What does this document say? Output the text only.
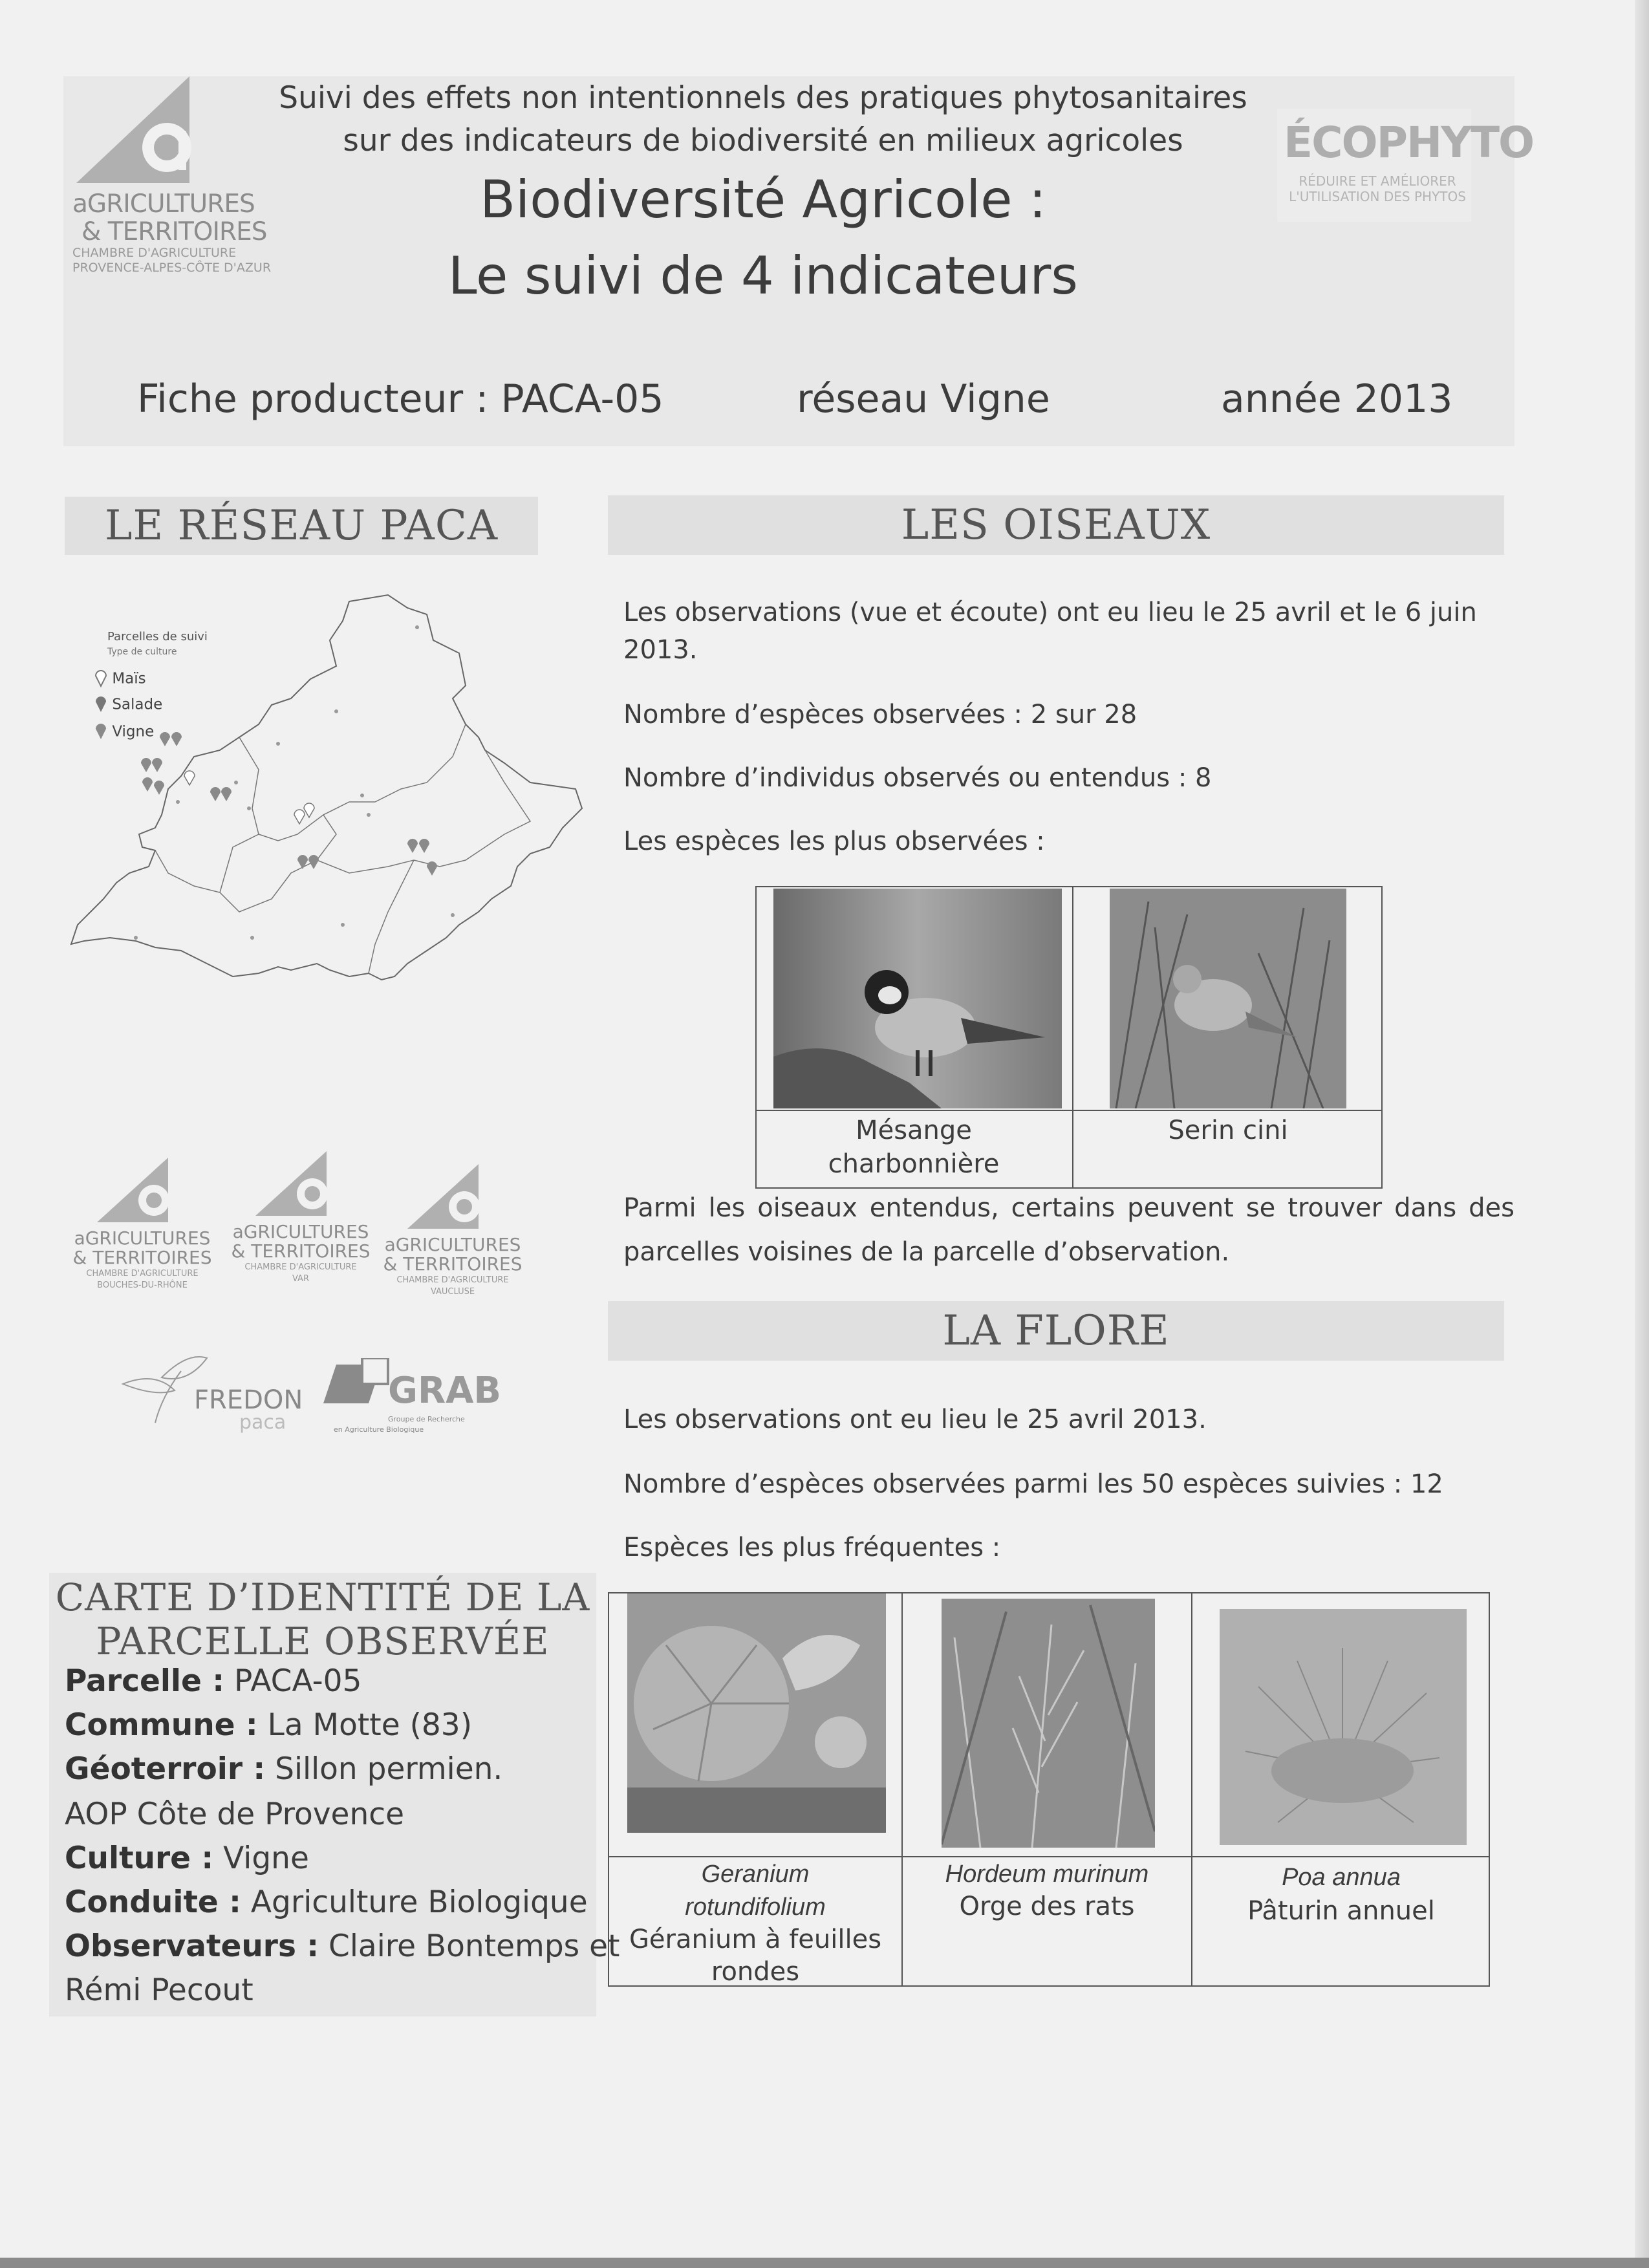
aGRICULTURES
& TERRITOIRES
CHAMBRE D'AGRICULTURE
PROVENCE-ALPES-CÔTE D'AZUR
Suivi des effets non intentionnels des pratiques phytosanitaires
sur des indicateurs de biodiversité en milieux agricoles
Biodiversité Agricole :
Le suivi de 4 indicateurs
ÉCOPHYTO
RÉDUIRE ET AMÉLIORER
L'UTILISATION DES PHYTOS
Fiche producteur : PACA-05	réseau Vigne	année 2013
LE RÉSEAU PACA
Parcelles de suivi
Type de culture
Maïs
Salade
Vigne
aGRICULTURES
& TERRITOIRES
CHAMBRE D'AGRICULTURE
BOUCHES-DU-RHÔNE
aGRICULTURES
& TERRITOIRES
CHAMBRE D'AGRICULTURE
VAR
aGRICULTURES
& TERRITOIRES
CHAMBRE D'AGRICULTURE
VAUCLUSE
FREDON
paca
GRAB
Groupe de Recherche
en Agriculture Biologique
LES OISEAUX
Les observations (vue et écoute) ont eu lieu le 25 avril et le 6 juin
2013.
Nombre d’espèces observées : 2 sur 28
Nombre d’individus observés ou entendus : 8
Les espèces les plus observées :
Mésange
charbonnière
Serin cini
Parmi les oiseaux entendus, certains peuvent se trouver dans des parcelles voisines de la parcelle d’observation.
LA FLORE
Les observations ont eu lieu le 25 avril 2013.
Nombre d’espèces observées parmi les 50 espèces suivies : 12
Espèces les plus fréquentes :
Geranium
rotundifolium
Géranium à feuilles
rondes
Hordeum murinum
Orge des rats
Poa annua
Pâturin annuel
CARTE D’IDENTITÉ DE LA
PARCELLE OBSERVÉE
Parcelle : PACA-05
Commune : La Motte (83)
Géoterroir : Sillon permien.
AOP Côte de Provence
Culture : Vigne
Conduite : Agriculture Biologique
Observateurs : Claire Bontemps et
Rémi Pecout
